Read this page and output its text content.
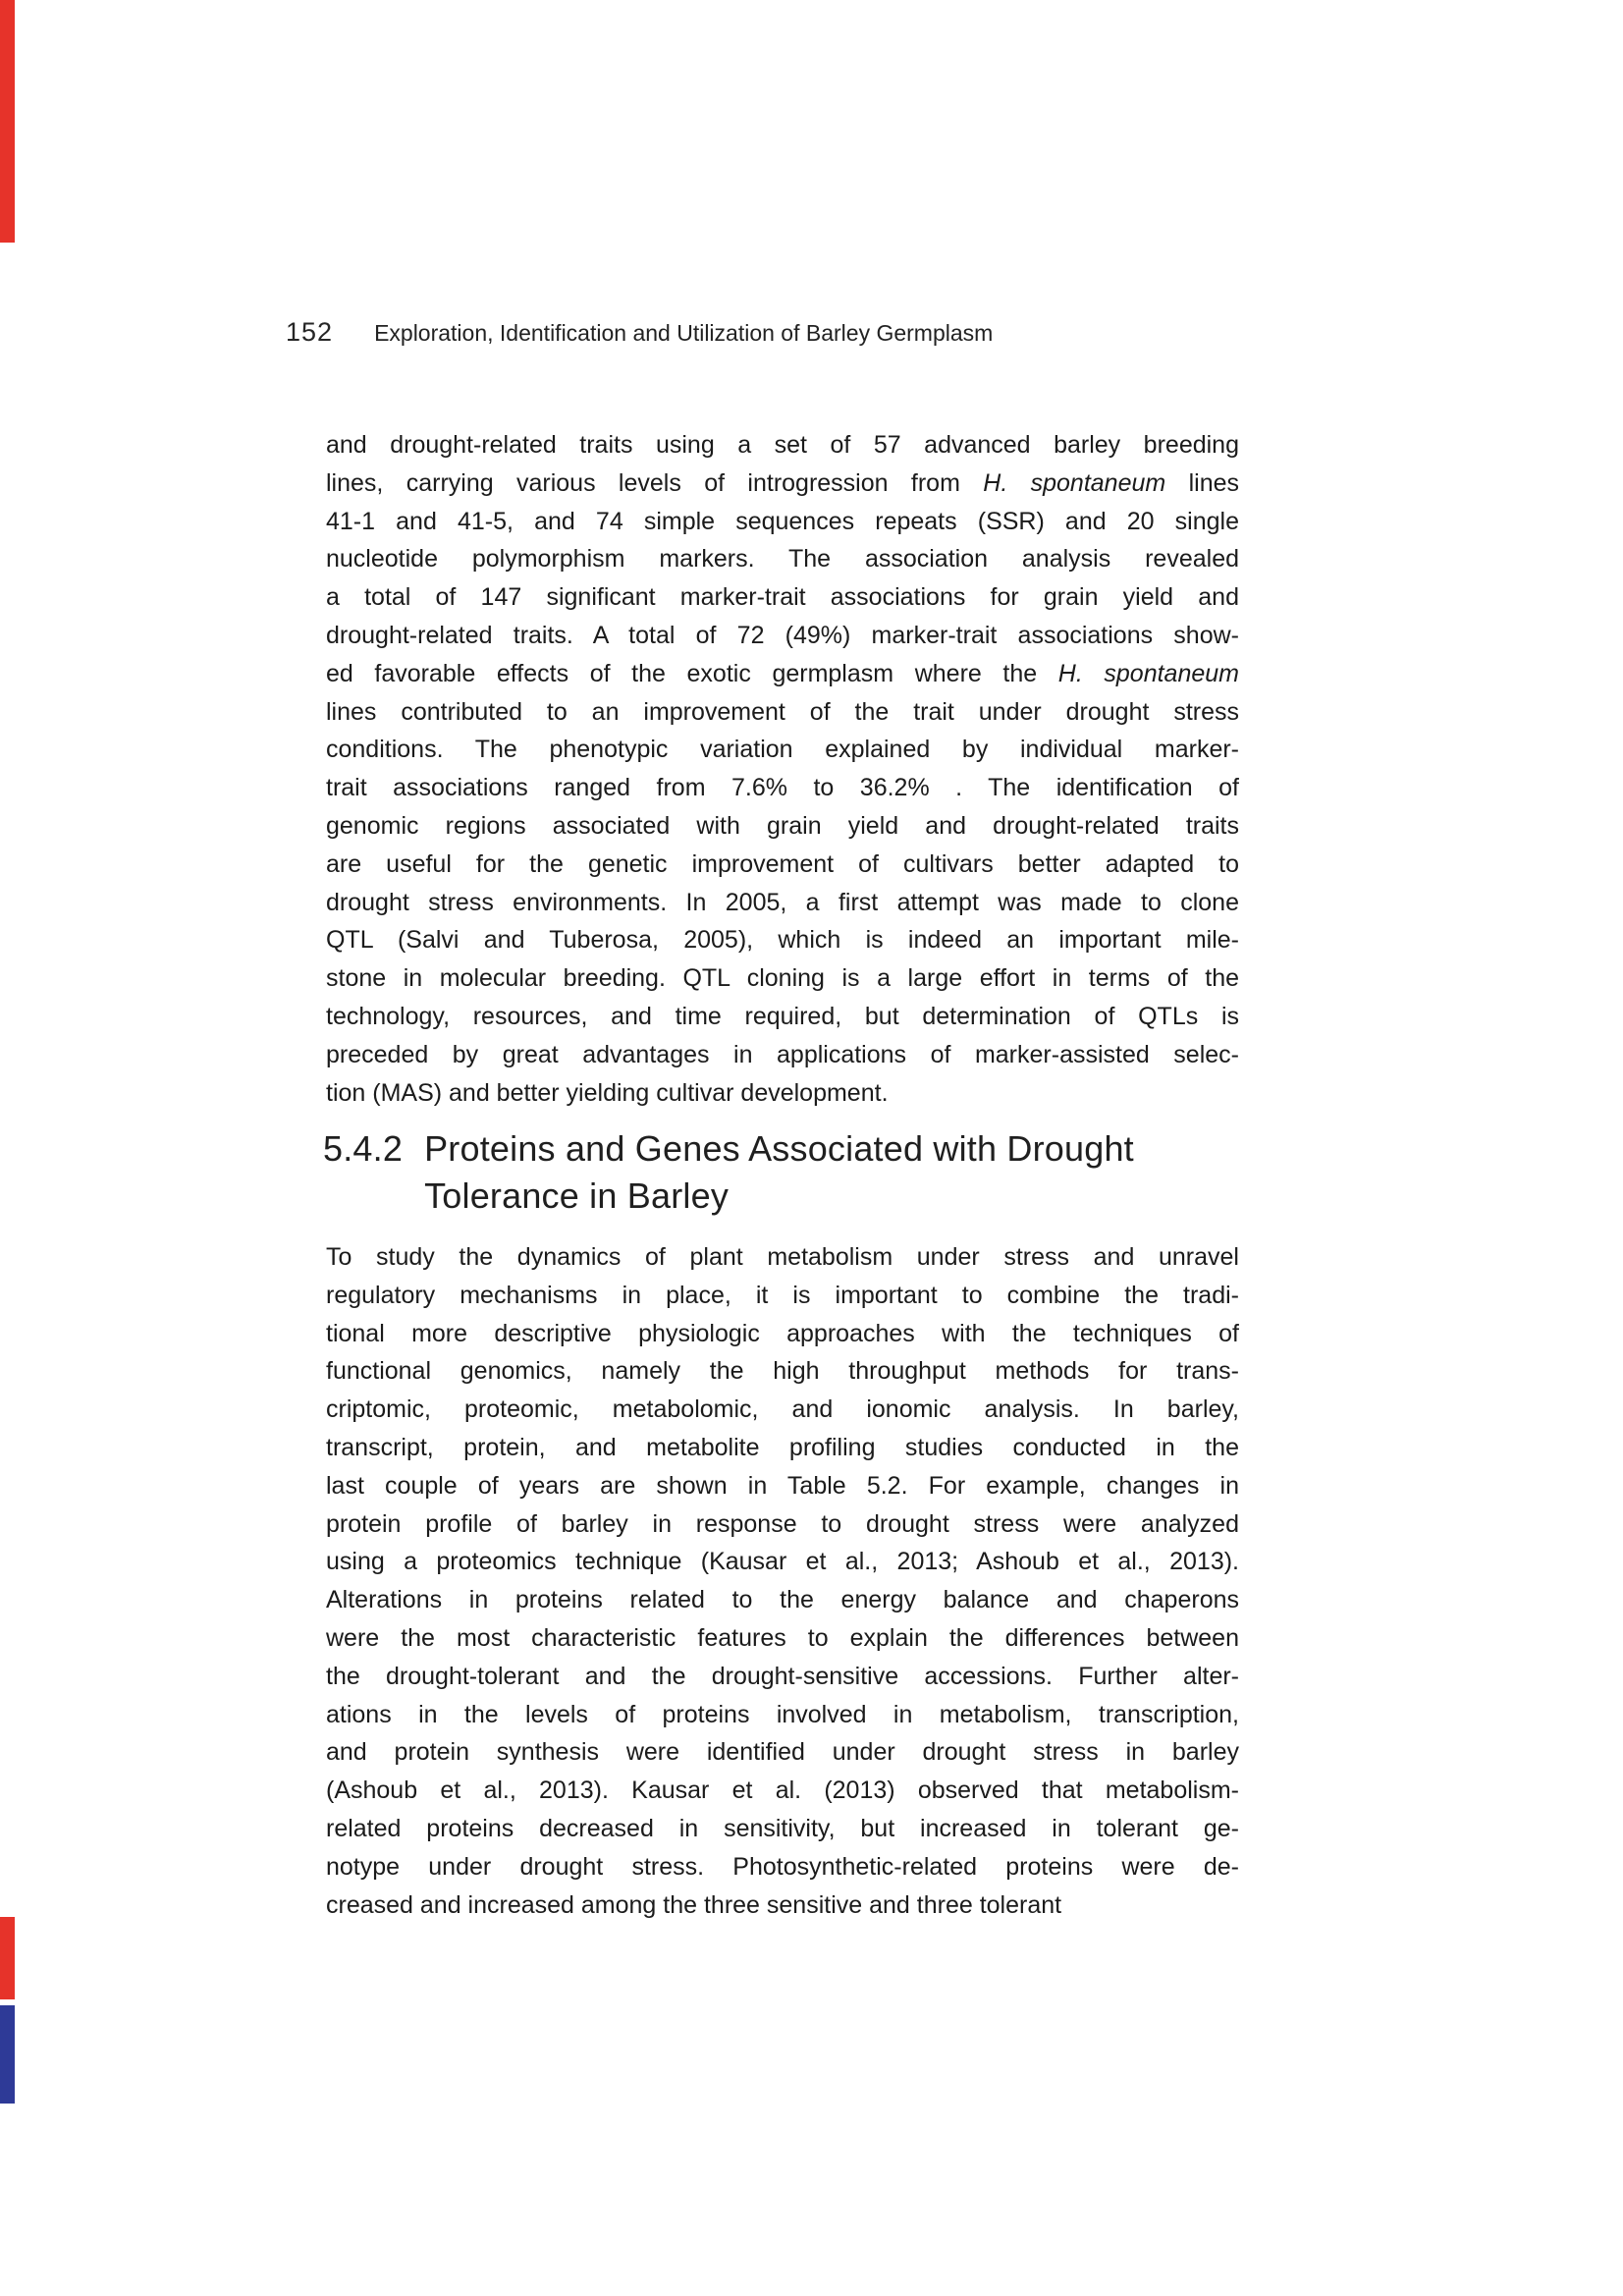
152 Exploration, Identification and Utilization of Barley Germplasm
and drought-related traits using a set of 57 advanced barley breeding
lines, carrying various levels of introgression from H. spontaneum lines
41-1 and 41-5, and 74 simple sequences repeats (SSR) and 20 single
nucleotide polymorphism markers. The association analysis revealed
a total of 147 significant marker-trait associations for grain yield and
drought-related traits. A total of 72 (49%) marker-trait associations show-
ed favorable effects of the exotic germplasm where the H. spontaneum
lines contributed to an improvement of the trait under drought stress
conditions. The phenotypic variation explained by individual marker-
trait associations ranged from 7.6% to 36.2% . The identification of
genomic regions associated with grain yield and drought-related traits
are useful for the genetic improvement of cultivars better adapted to
drought stress environments. In 2005, a first attempt was made to clone
QTL (Salvi and Tuberosa, 2005), which is indeed an important mile-
stone in molecular breeding. QTL cloning is a large effort in terms of the
technology, resources, and time required, but determination of QTLs is
preceded by great advantages in applications of marker-assisted selec-
tion (MAS) and better yielding cultivar development.
5.4.2 Proteins and Genes Associated with Drought
Tolerance in Barley
To study the dynamics of plant metabolism under stress and unravel
regulatory mechanisms in place, it is important to combine the tradi-
tional more descriptive physiologic approaches with the techniques of
functional genomics, namely the high throughput methods for trans-
criptomic, proteomic, metabolomic, and ionomic analysis. In barley,
transcript, protein, and metabolite profiling studies conducted in the
last couple of years are shown in Table 5.2. For example, changes in
protein profile of barley in response to drought stress were analyzed
using a proteomics technique (Kausar et al., 2013; Ashoub et al., 2013).
Alterations in proteins related to the energy balance and chaperons
were the most characteristic features to explain the differences between
the drought-tolerant and the drought-sensitive accessions. Further alter-
ations in the levels of proteins involved in metabolism, transcription,
and protein synthesis were identified under drought stress in barley
(Ashoub et al., 2013). Kausar et al. (2013) observed that metabolism-
related proteins decreased in sensitivity, but increased in tolerant ge-
notype under drought stress. Photosynthetic-related proteins were de-
creased and increased among the three sensitive and three tolerant
